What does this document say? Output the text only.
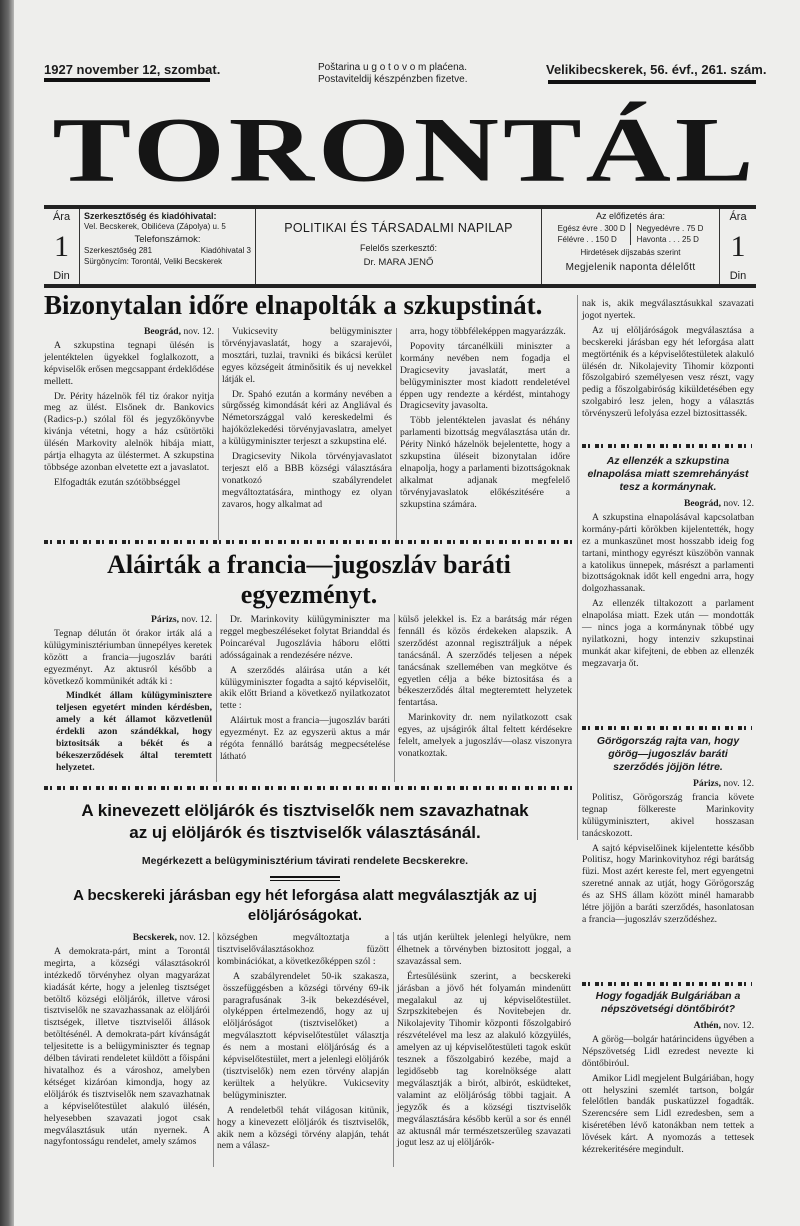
1927 november 12, szombat.	Poštarina u g o t o v o m plaćena.
Postaviteldij készpénzben fizetve.
Velikibecskerek, 56. évf., 261. szám.
TORONTÁL
Ára
1
Din
Szerkesztőség és kiadóhivatal:
Vel. Becskerek, Obilićeva (Zápolya) u. 5
Telefonszámok:
Szerkesztőség 281	Kiadóhivatal 3
Sürgönycím: Torontál, Veliki Becskerek
POLITIKAI ÉS TÁRSADALMI NAPILAP
Felelős szerkesztő:
Dr. MARA JENŐ
Az előfizetés ára:
Egész évre . 300 D
Félévre . . 150 D
Negyedévre . 75 D
Havonta . . . 25 D
Hirdetések díjszabás szerint
Megjelenik naponta délelőtt
Ára
1
Din
Bizonytalan időre elnapolták a szkupstinát.
Beográd, nov. 12.

A szkupstina tegnapi ülésén is jelentéktelen ügyekkel foglalkozott, a képviselők erősen megcsappant érdeklődése mellett.

Dr. Périty házelnök fél tiz órakor nyitja meg az ülést. Elsőnek dr. Bankovics (Radics-p.) szólal föl és jegyzőkönyvbe kivánja vétetni, hogy a ház csütörtöki ülésén Markovity alelnök hibája miatt, pártja elhagyta az üléstermet. A szkupstina többsége azonban elvetette ezt a javaslatot.

Elfogadták ezután szótöbbséggel

Vukicsevity belügyminiszter törvényjavaslatát, hogy a szarajevói, mosztári, tuzlai, travniki és bikácsi kerület egyes községeit átminősitik és uj nevekkel látják el.

Dr. Spahó ezután a kormány nevében a sürgősség kimondását kéri az Angliával és Németországgal való kereskedelmi és hajóközlekedési törvényjavaslatra, amelyet a külügyminiszter terjeszt a szkupstina elé.

Dragicsevity Nikola törvényjavaslatot terjeszt elő a BBB községi választására vonatkozó szabályrendelet megváltoztatására, minthogy ez olyan zavaros, hogy alkalmat ad

arra, hogy többféleképpen magyarázzák.

Popovity tárcanélküli miniszter a kormány nevében nem fogadja el Dragicsevity javaslatát, mert a belügyminiszter most kiadott rendeletével éppen ugy rendezte a kérdést, mintahogy Dragicsevity javasolta.

Több jelentéktelen javaslat és néhány parlamenti bizottság megválasztása után dr. Périty Ninkó házelnök bejelentette, hogy a szkupstina üléseit bizonytalan időre elnapolja, hogy a parlamenti bizottságoknak alkalmat adjanak megfelelő törvényjavaslatok előkészitésére a szkupstina számára.

nak is, akik megválasztásukkal szavazati jogot nyertek.

Az uj elöljáróságok megválasztása a becskereki járásban egy hét leforgása alatt megtörténik és a képviselőtestületek alakuló ülésén dr. Nikolajevity Tihomir központi főszolgabiró személyesen vesz részt, vagy pedig a főszolgabiróság kiküldetésében egy szolgabiró lesz jelen, hogy a választás törvényszerü lefolyása ezzel biztosittassék.

Az ellenzék a szkupstina elnapolása miatt szemrehányást tesz a kormánynak.
Beográd, nov. 12.

A szkupstina elnapolásával kapcsolatban kormány-párti körökben kijelentették, hogy ez a munkaszünet most hosszabb ideig fog tartani, minthogy egyrészt küszöbön vannak a katolikus ünnepek, másrészt a parlamenti bizottságoknak időt kell engedni arra, hogy dolgozhassanak.

Az ellenzék tiltakozott a parlament elnapolása miatt. Ezek után — mondották — nincs joga a kormánynak többé ugy nyilatkozni, hogy intenziv szkupstinai munkát akar kifejteni, de ebben az ellenzék megzavarja őt.

Görögország rajta van, hogy görög—jugoszláv baráti szerződés jöjjön létre.
Párizs, nov. 12.

Politisz, Görögország francia követe tegnap fölkereste Marinkovity külügyminisztert, akivel hosszasan tanácskozott.

A sajtó képviselőinek kijelentette később Politisz, hogy Marinkovityhoz régi barátság füzi. Most azért kereste fel, mert egyengetni szeretné annak az utját, hogy Görögország és az SHS állam között minél hamarabb létre jöjjön a baráti szerződés, hasonlatosan a francia—jugoszláv szerződéshez.

Hogy fogadják Bulgáriában a népszövetségi döntőbirót?
Athén, nov. 12.

A görög—bolgár határincidens ügyében a Népszövetség Lidl ezredest nevezte ki döntőbiróul.

Amikor Lidl megjelent Bulgáriában, hogy ott helyszini szemlét tartson, bolgár felelőtlen bandák puskatüzzel fogadták. Szerencsére sem Lidl ezredesben, sem a kiséretében lévő katonákban nem tettek a lövések kárt. A nyomozás a tettesek kézrekeritésére megindult.

Aláirták a francia—jugoszláv baráti egyezményt.
Párizs, nov. 12.

Tegnap délután öt órakor irták alá a külügyminisztériumban ünnepélyes keretek között a francia—jugoszláv baráti egyezményt. Az aktusról később a következő kommünikét adták ki :

Mindkét állam külügyminisztere teljesen egyetért minden kérdésben, amely a két államot közvetlenül érdekli azon szándékkal, hogy biztositsák a békét és a békeszerződések által teremtett helyzetet.

Dr. Marinkovity külügyminiszter ma reggel megbeszéléseket folytat Brianddal és Poincaréval Jugoszlávia háboru előtti adósságainak a rendezésére nézve.

A szerződés aláirása után a két külügyminiszter fogadta a sajtó képviselőit, akik előtt Briand a következő nyilatkozatot tette :

Aláirtuk most a francia—jugoszláv baráti egyezményt. Ez az egyszerü aktus a már régóta fennálló barátság megpecsételése látható

külső jelekkel is. Ez a barátság már régen fennáll és közös érdekeken alapszik. A szerződést azonnal regisztráljuk a népek tanácsánál. A szerződés teljesen a népek tanácsának szellemében van megkötve és egyetlen célja a béke biztositása és a békeszerződés által megteremtett helyzetek fentartása.

Marinkovity dr. nem nyilatkozott csak egyes, az ujságirók által feltett kérdésekre felelt, amelyek a jugoszláv—olasz viszonyra vonatkoztak.

A kinevezett elöljárók és tisztviselők nem szavazhatnak
az uj elöljárók és tisztviselők választásánál.
Megérkezett a belügyminisztérium távirati rendelete Becskerekre.
A becskereki járásban egy hét leforgása alatt megválasztják az uj elöljáróságokat.
Becskerek, nov. 12.

A demokrata-párt, mint a Torontál megirta, a községi választásokról intézkedő törvényhez olyan magyarázat kiadását kérte, hogy a jelenleg tisztséget betöltő községi elöljárók, illetve városi tisztviselők ne szavazhassanak az elöljárói tisztségek, illetve tisztviselői állások betöltésénél. A demokrata-párt kívánságát teljesitette is a belügyminiszter és tegnap délben távirati rendeletet küldött a főispáni hivatalhoz és a városhoz, amelyben kétséget kizáróan kimondja, hogy az elöljárók és tisztviselők nem szavazhatnak a képviselőtestület alakuló ülésén, helyesebben szavazati jogot csak megválasztásuk után nyernek. A nagyfontosságu rendelet, amely számos

községben megváltoztatja a tisztviselőválasztásokhoz füzött kombinációkat, a következőképpen szól :

A szabályrendelet 50-ik szakasza, összefüggésben a községi törvény 69-ik paragrafusának 3-ik bekezdésével, olyképpen értelmezendő, hogy az uj elöljáróságot (tisztviselőket) a megválasztott képviselőtestület választja és nem a mostani elöljáróság és a képviselőtestület, mert a jelenlegi elöljárók (tisztviselők) nem ezen törvény alapján kerültek a helyükre. Vukicsevity belügyminiszter.

A rendeletből tehát világosan kitünik, hogy a kinevezett elöljárók és tisztviselők, akik nem a községi törvény alapján, tehát nem a válasz-

tás utján kerültek jelenlegi helyükre, nem élhetnek a törvényben biztositott joggal, a szavazással sem.

Értesülésünk szerint, a becskereki járásban a jövő hét folyamán mindenütt megalakul az uj képviselőtestület. Szrpszkitebejen és Novitebejen dr. Nikolajevity Tihomir központi főszolgabiró részvételével ma lesz az alakuló közgyülés, amelyen az uj képviselőtestületi tagok esküt tesznek a főszolgabiró kezébe, majd a legidősebb tag korelnöksége alatt megválasztják a birót, albirót, esküdteket, valamint az elöljáróság többi tagjait. A jegyzők és a községi tisztviselők megválasztására később kerül a sor és ennél az aktusnál már természetszerüleg szavazati jogut lesz az uj elöljárók-
